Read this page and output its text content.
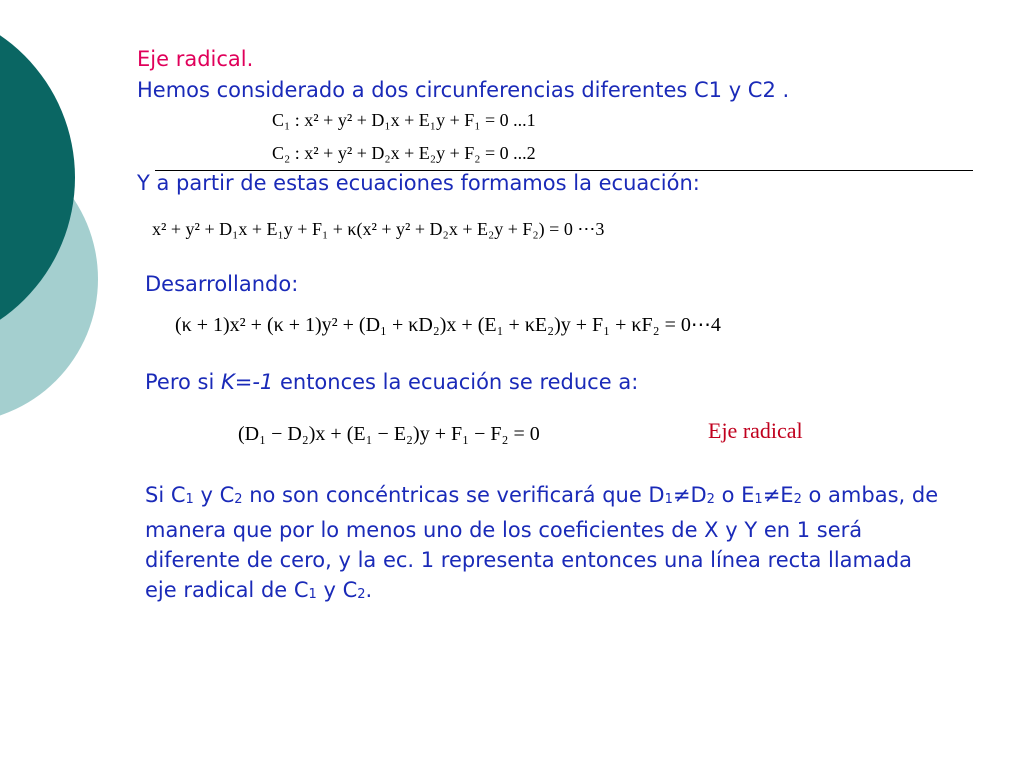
Eje radical.
Hemos considerado a dos circunferencias diferentes C1 y C2 .
C₁ : x² + y² + D₁x + E₁y + F₁ = 0 ...1
C₂ : x² + y² + D₂x + E₂y + F₂ = 0 ...2
Y a partir de estas ecuaciones formamos la ecuación:
x² + y² + D₁x + E₁y + F₁ + κ(x² + y² + D₂x + E₂y + F₂) = 0 ⋯3
Desarrollando:
(κ + 1)x² + (κ + 1)y² + (D₁ + κD₂)x + (E₁ + κE₂)y + F₁ + κF₂ = 0⋯4
Pero si K=-1 entonces la ecuación se reduce a:
(D₁ − D₂)x + (E₁ − E₂)y + F₁ − F₂ = 0	Eje radical
Si $C_1$ y $C_2$ no son concéntricas se verificará que $D_1\ne D_2$ o $E_1\ne E_2$ o ambas, de manera que por lo menos uno de los coeficientes de X y Y en 1 será diferente de cero, y la ec. 1 representa entonces una línea recta llamada eje radical de $C_1$ y $C_2$.
